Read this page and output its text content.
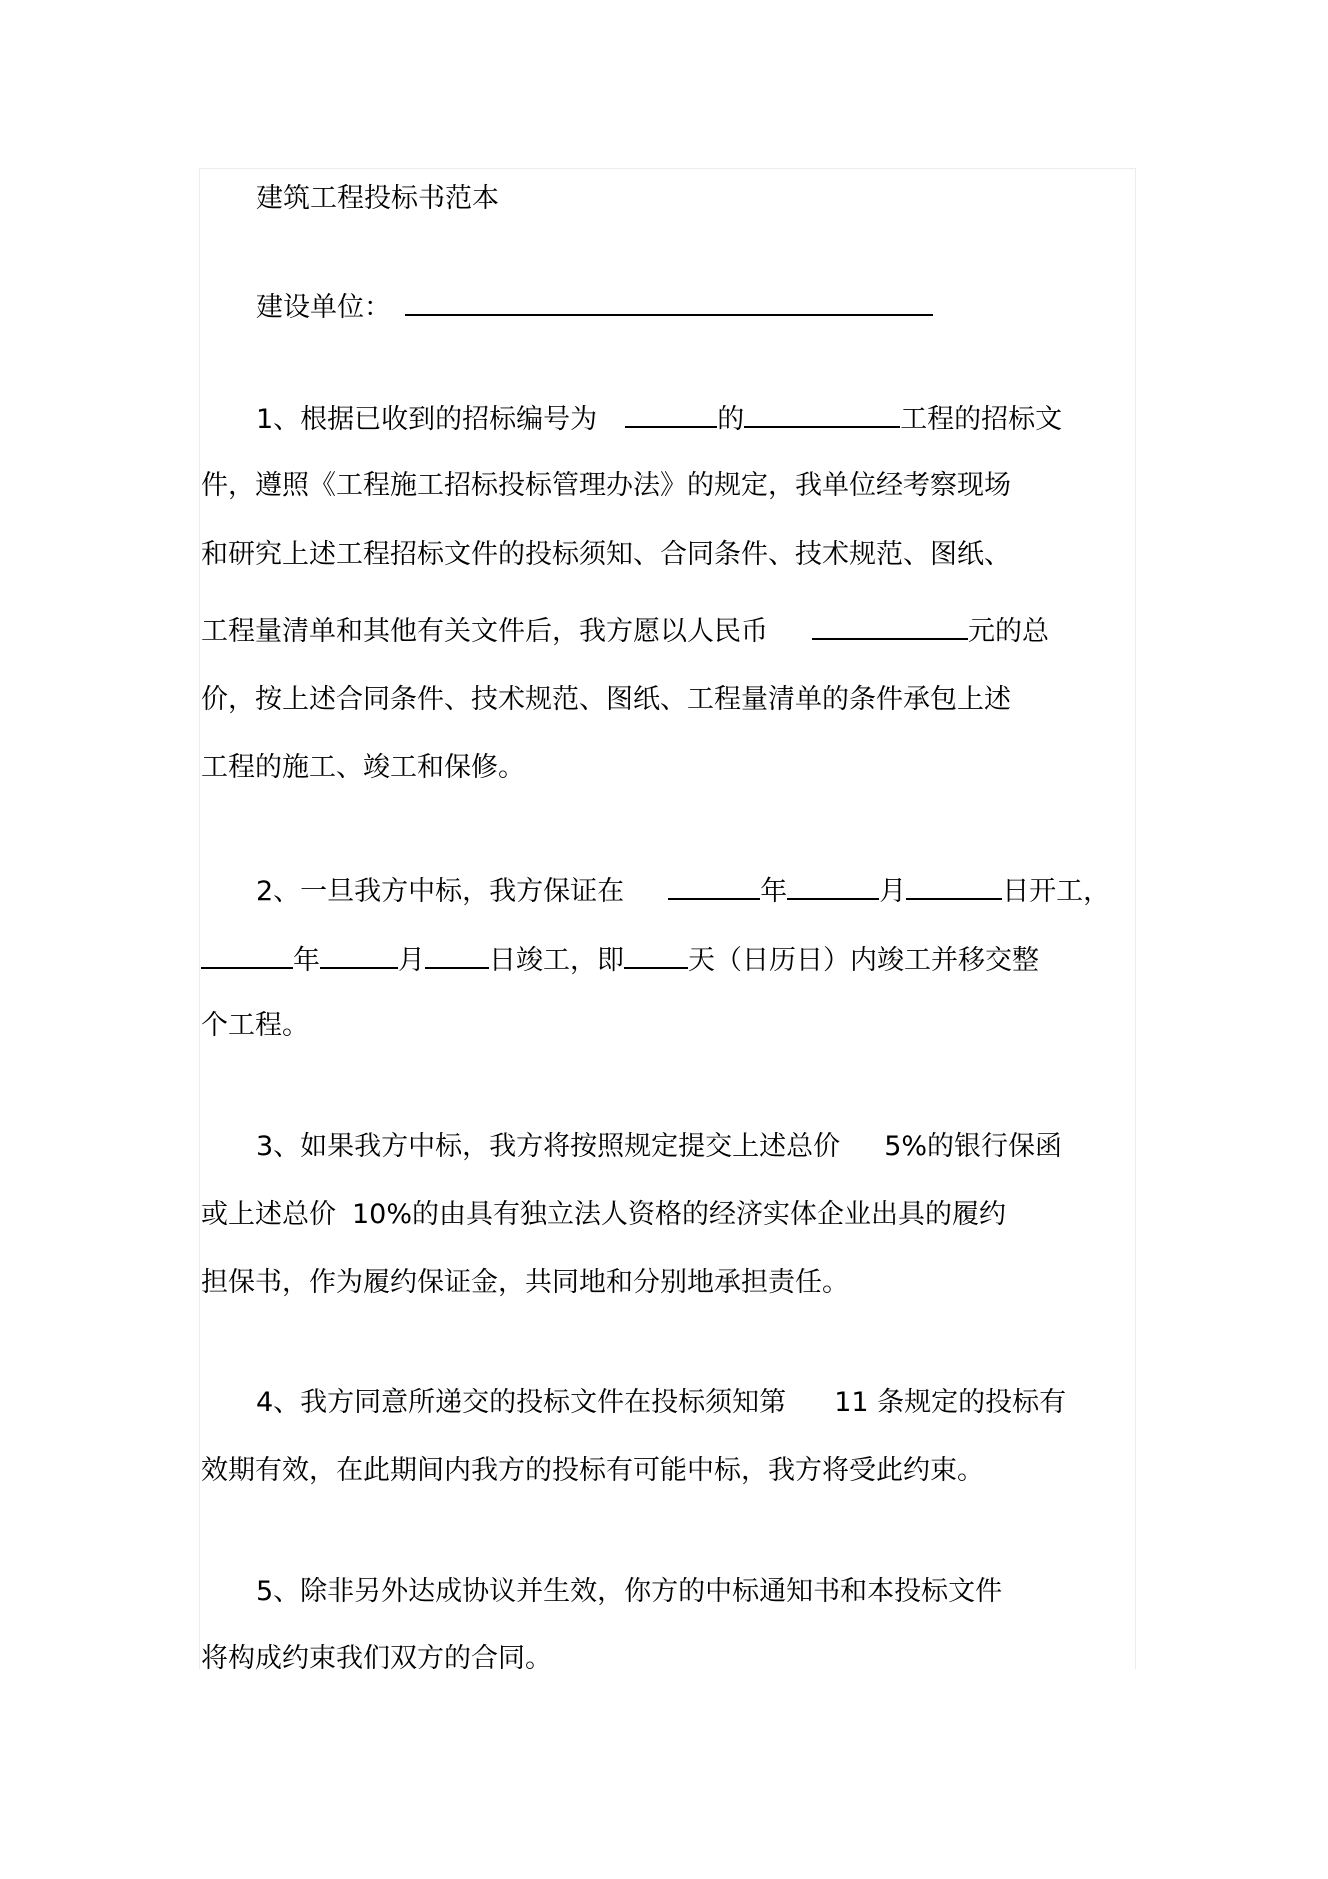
建筑工程投标书范本
建设单位：
1、根据已收到的招标编号为	的	工程的招标文
件，遵照《工程施工招标投标管理办法》的规定，我单位经考察现场
和研究上述工程招标文件的投标须知、合同条件、技术规范、图纸、
工程量清单和其他有关文件后，我方愿以人民币	元的总
价，按上述合同条件、技术规范、图纸、工程量清单的条件承包上述
工程的施工、竣工和保修。
2、一旦我方中标，我方保证在	年	月	日开工，
年	月 日竣工，即 天（日历日）内竣工并移交整
个工程。
3、如果我方中标，我方将按照规定提交上述总价 5%的银行保函
或上述总价 10%的由具有独立法人资格的经济实体企业出具的履约
担保书，作为履约保证金，共同地和分别地承担责任。
4、我方同意所递交的投标文件在投标须知第 11 条规定的投标有
效期有效，在此期间内我方的投标有可能中标，我方将受此约束。
5、除非另外达成协议并生效，你方的中标通知书和本投标文件
将构成约束我们双方的合同。
